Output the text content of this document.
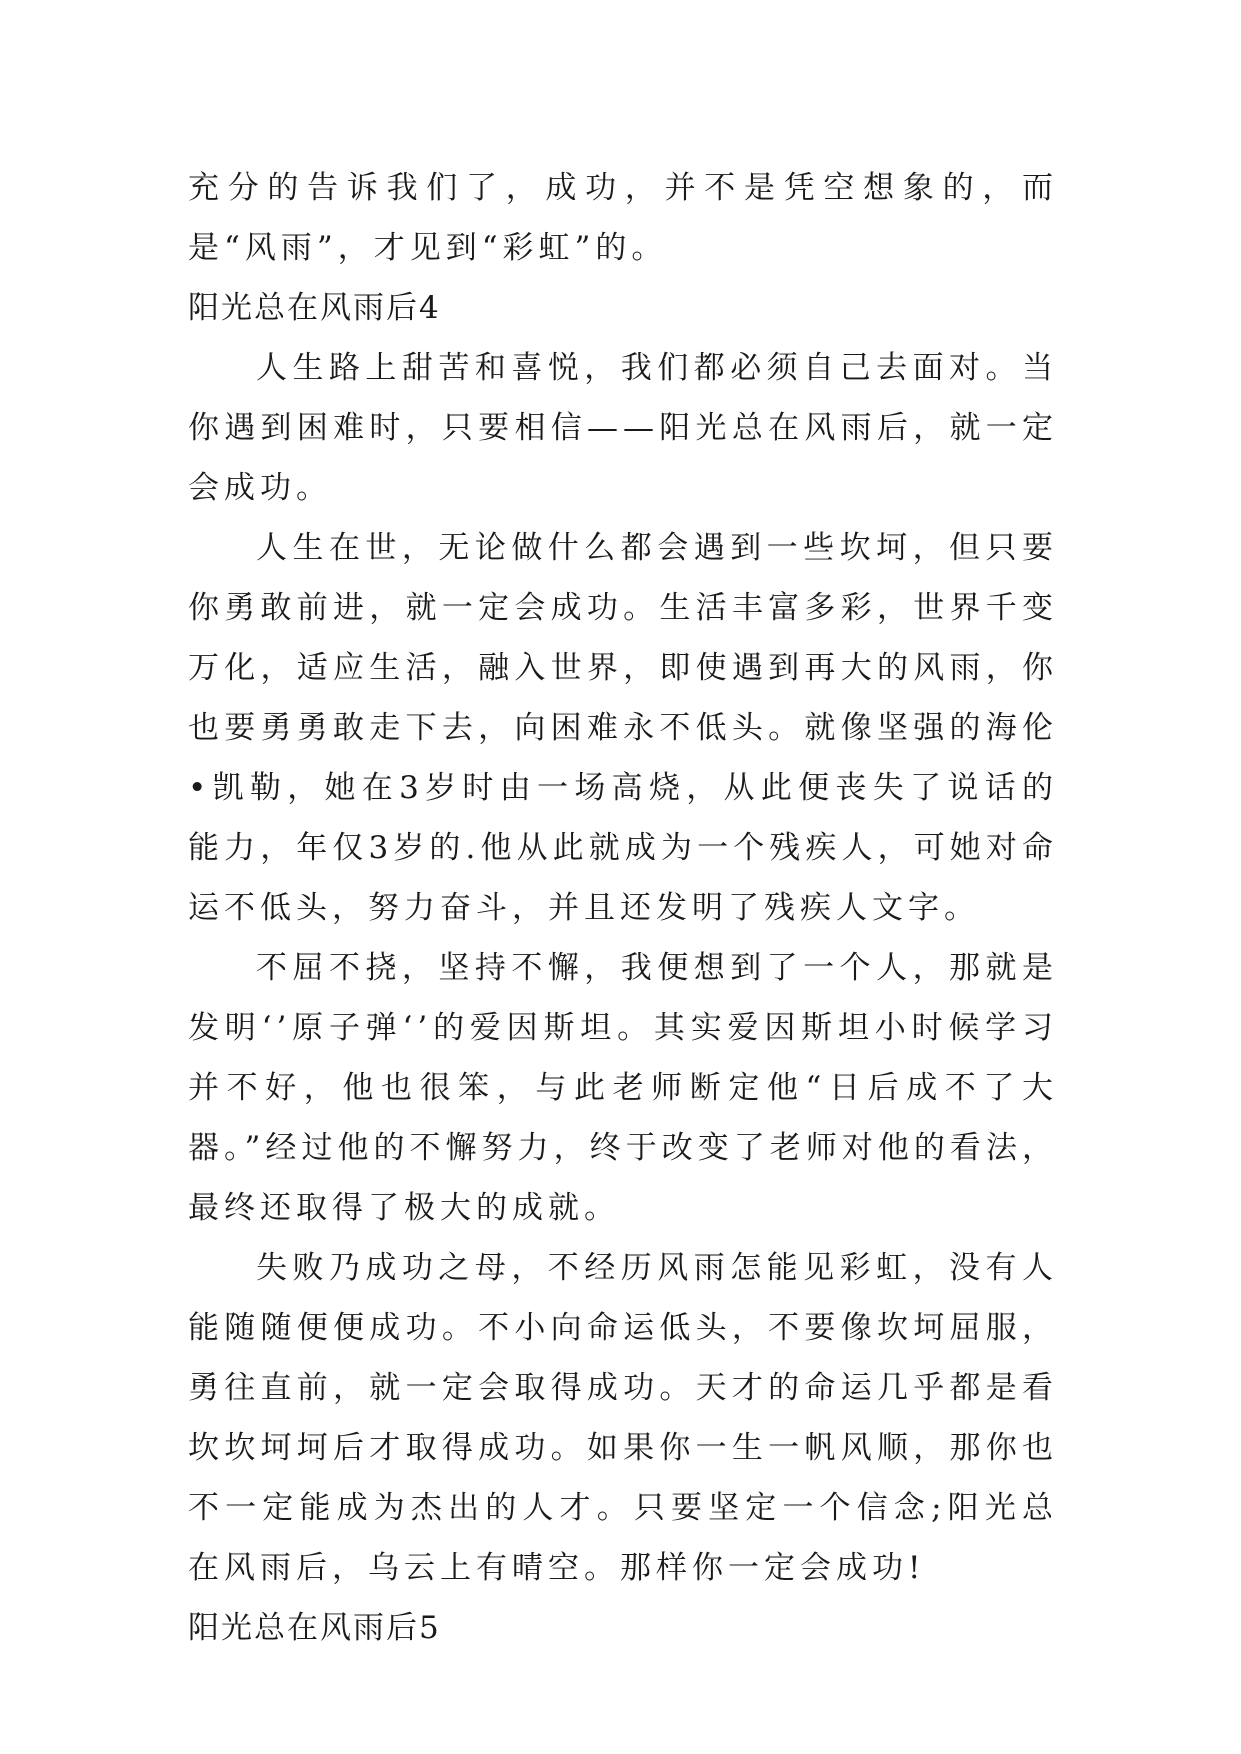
充分的告诉我们了，成功，并不是凭空想象的，而是“风雨”，才见到“彩虹”的。

阳光总在风雨后4

人生路上甜苦和喜悦，我们都必须自己去面对。当你遇到困难时，只要相信——阳光总在风雨后，就一定会成功。

人生在世，无论做什么都会遇到一些坎坷，但只要你勇敢前进，就一定会成功。生活丰富多彩，世界千变万化，适应生活，融入世界，即使遇到再大的风雨，你也要勇勇敢走下去，向困难永不低头。就像坚强的海伦•凯勒，她在3岁时由一场高烧，从此便丧失了说话的能力，年仅3岁的.他从此就成为一个残疾人，可她对命运不低头，努力奋斗，并且还发明了残疾人文字。

不屈不挠，坚持不懈，我便想到了一个人，那就是发明‘’原子弹‘’的爱因斯坦。其实爱因斯坦小时候学习并不好，他也很笨，与此老师断定他“日后成不了大器。”经过他的不懈努力，终于改变了老师对他的看法，最终还取得了极大的成就。

失败乃成功之母，不经历风雨怎能见彩虹，没有人能随随便便成功。不小向命运低头，不要像坎坷屈服，勇往直前，就一定会取得成功。天才的命运几乎都是看坎坎坷坷后才取得成功。如果你一生一帆风顺，那你也不一定能成为杰出的人才。只要坚定一个信念;阳光总在风雨后，乌云上有晴空。那样你一定会成功!

阳光总在风雨后5
